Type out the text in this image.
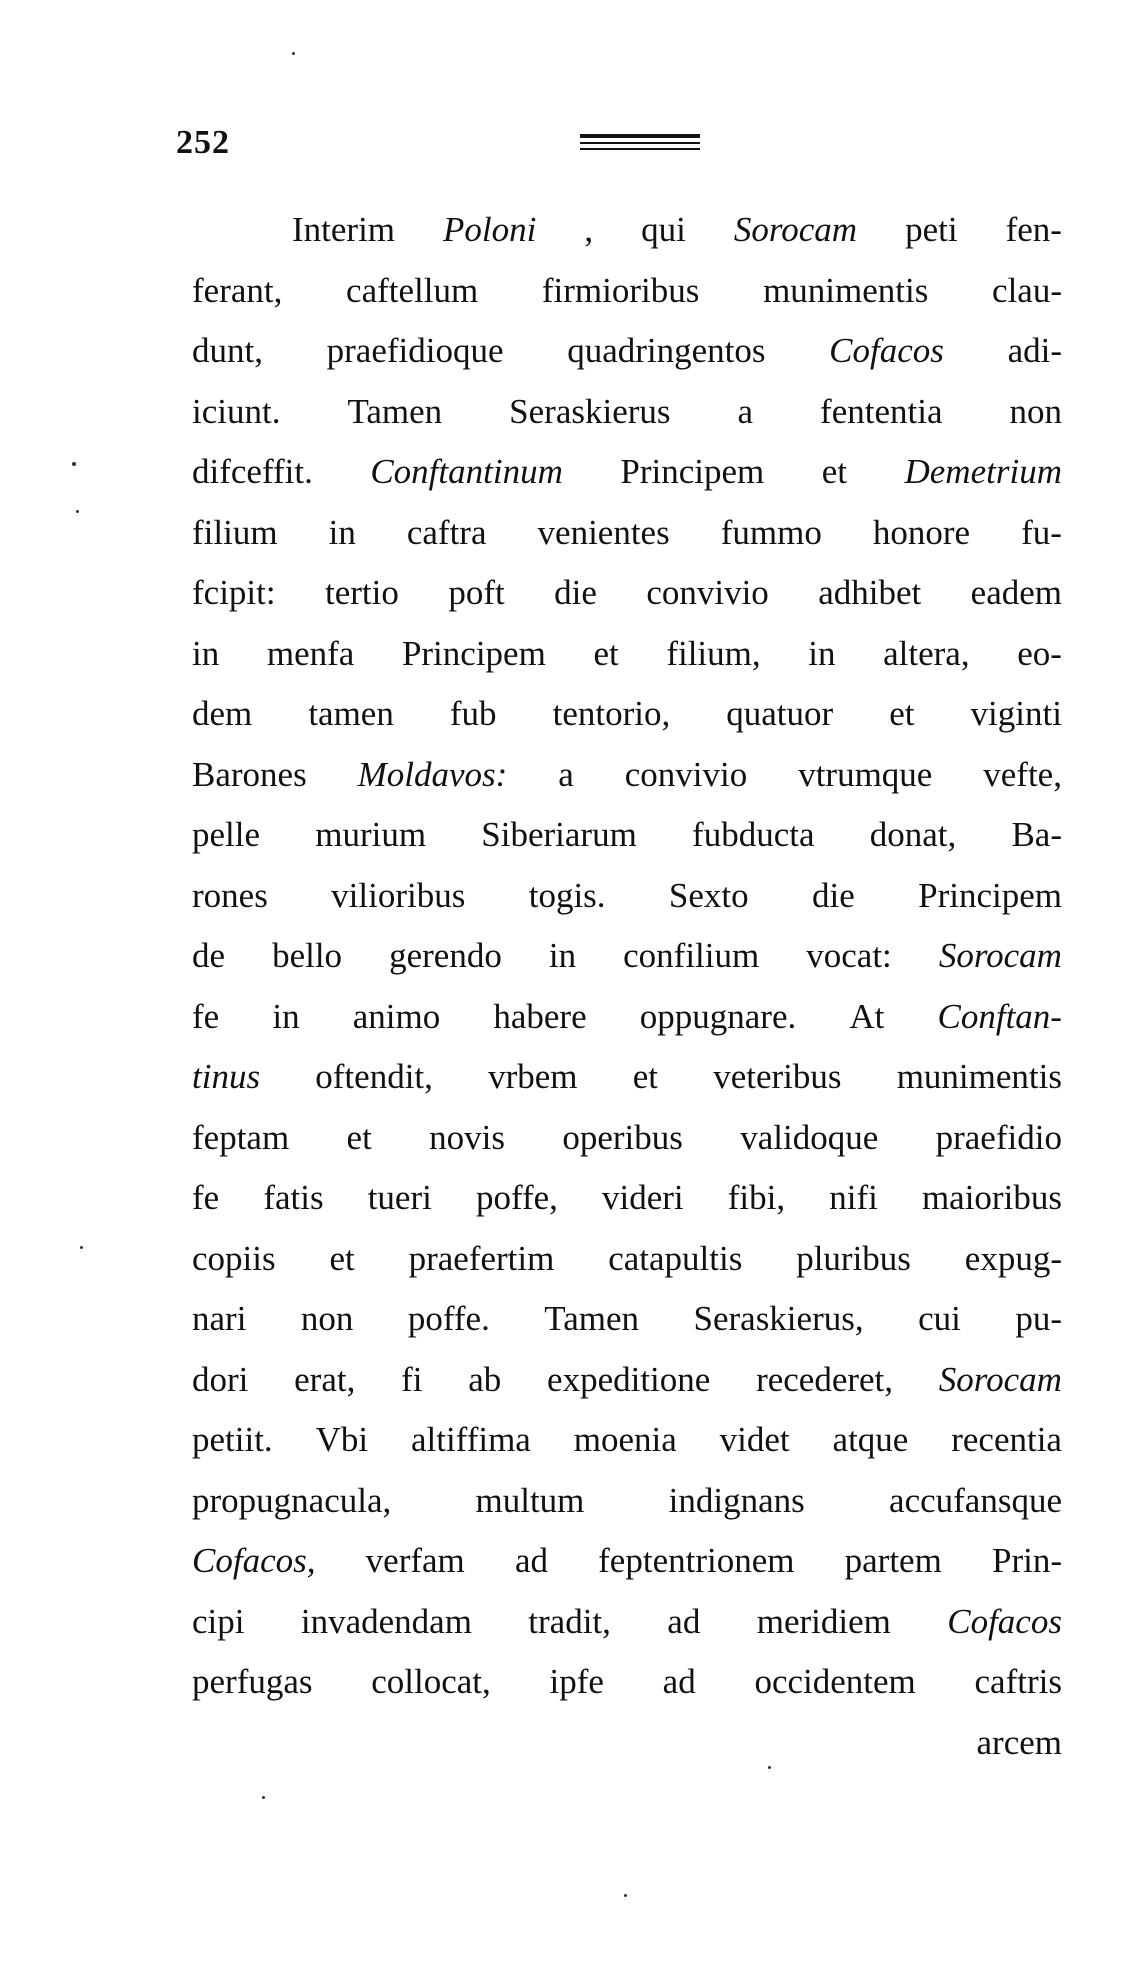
252
Interim Poloni , qui Sorocam peti fen-
ferant, caftellum firmioribus munimentis clau-
dunt, praefidioque quadringentos Cofacos adi-
iciunt. Tamen Seraskierus a fententia non
difceffit. Conftantinum Principem et Demetrium
filium in caftra venientes fummo honore fu-
fcipit: tertio poft die convivio adhibet eadem
in menfa Principem et filium, in altera, eo-
dem tamen fub tentorio, quatuor et viginti
Barones Moldavos: a convivio vtrumque vefte,
pelle murium Siberiarum fubducta donat, Ba-
rones vilioribus togis. Sexto die Principem
de bello gerendo in confilium vocat: Sorocam
fe in animo habere oppugnare. At Conftan-
tinus oftendit, vrbem et veteribus munimentis
feptam et novis operibus validoque praefidio
fe fatis tueri poffe, videri fibi, nifi maioribus
copiis et praefertim catapultis pluribus expug-
nari non poffe. Tamen Seraskierus, cui pu-
dori erat, fi ab expeditione recederet, Sorocam
petiit. Vbi altiffima moenia videt atque recentia
propugnacula, multum indignans accufansque
Cofacos, verfam ad feptentrionem partem Prin-
cipi invadendam tradit, ad meridiem Cofacos
perfugas collocat, ipfe ad occidentem caftris
arcem
